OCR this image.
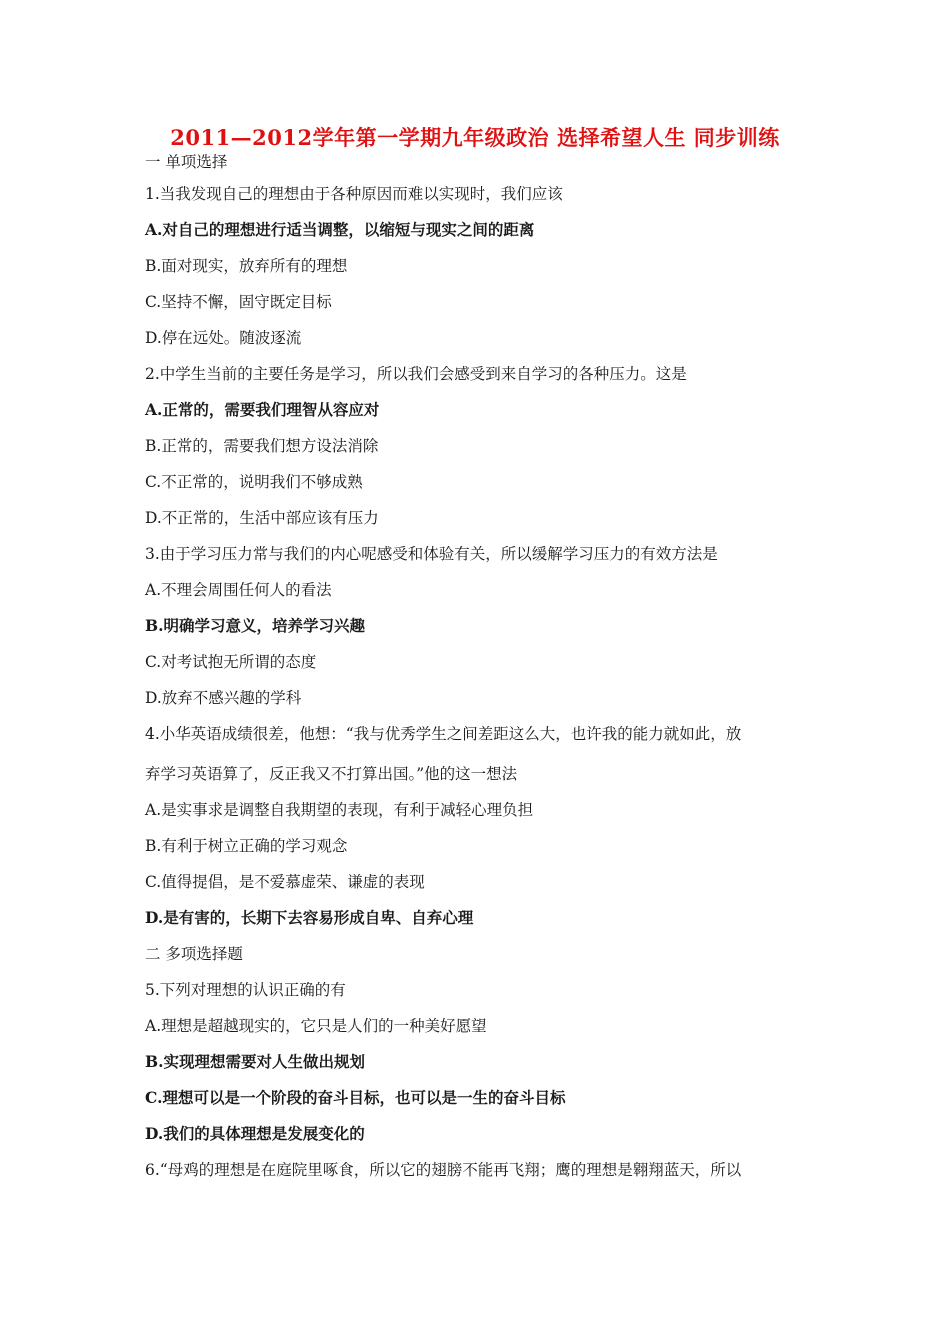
2011—2012学年第一学期九年级政治 选择希望人生 同步训练
一 单项选择
1.当我发现自己的理想由于各种原因而难以实现时，我们应该
A.对自己的理想进行适当调整，以缩短与现实之间的距离
B.面对现实，放弃所有的理想
C.坚持不懈，固守既定目标
D.停在远处。随波逐流
2.中学生当前的主要任务是学习，所以我们会感受到来自学习的各种压力。这是
A.正常的，需要我们理智从容应对
B.正常的，需要我们想方设法消除
C.不正常的，说明我们不够成熟
D.不正常的，生活中部应该有压力
3.由于学习压力常与我们的内心呢感受和体验有关，所以缓解学习压力的有效方法是
A.不理会周围任何人的看法
B.明确学习意义，培养学习兴趣
C.对考试抱无所谓的态度
D.放弃不感兴趣的学科
4.小华英语成绩很差，他想：“我与优秀学生之间差距这么大，也许我的能力就如此，放
弃学习英语算了，反正我又不打算出国。”他的这一想法
A.是实事求是调整自我期望的表现，有利于减轻心理负担
B.有利于树立正确的学习观念
C.值得提倡，是不爱慕虚荣、谦虚的表现
D.是有害的，长期下去容易形成自卑、自弃心理
二 多项选择题
5.下列对理想的认识正确的有
A.理想是超越现实的，它只是人们的一种美好愿望
B.实现理想需要对人生做出规划
C.理想可以是一个阶段的奋斗目标，也可以是一生的奋斗目标
D.我们的具体理想是发展变化的
6.“母鸡的理想是在庭院里啄食，所以它的翅膀不能再飞翔；鹰的理想是翱翔蓝天，所以
